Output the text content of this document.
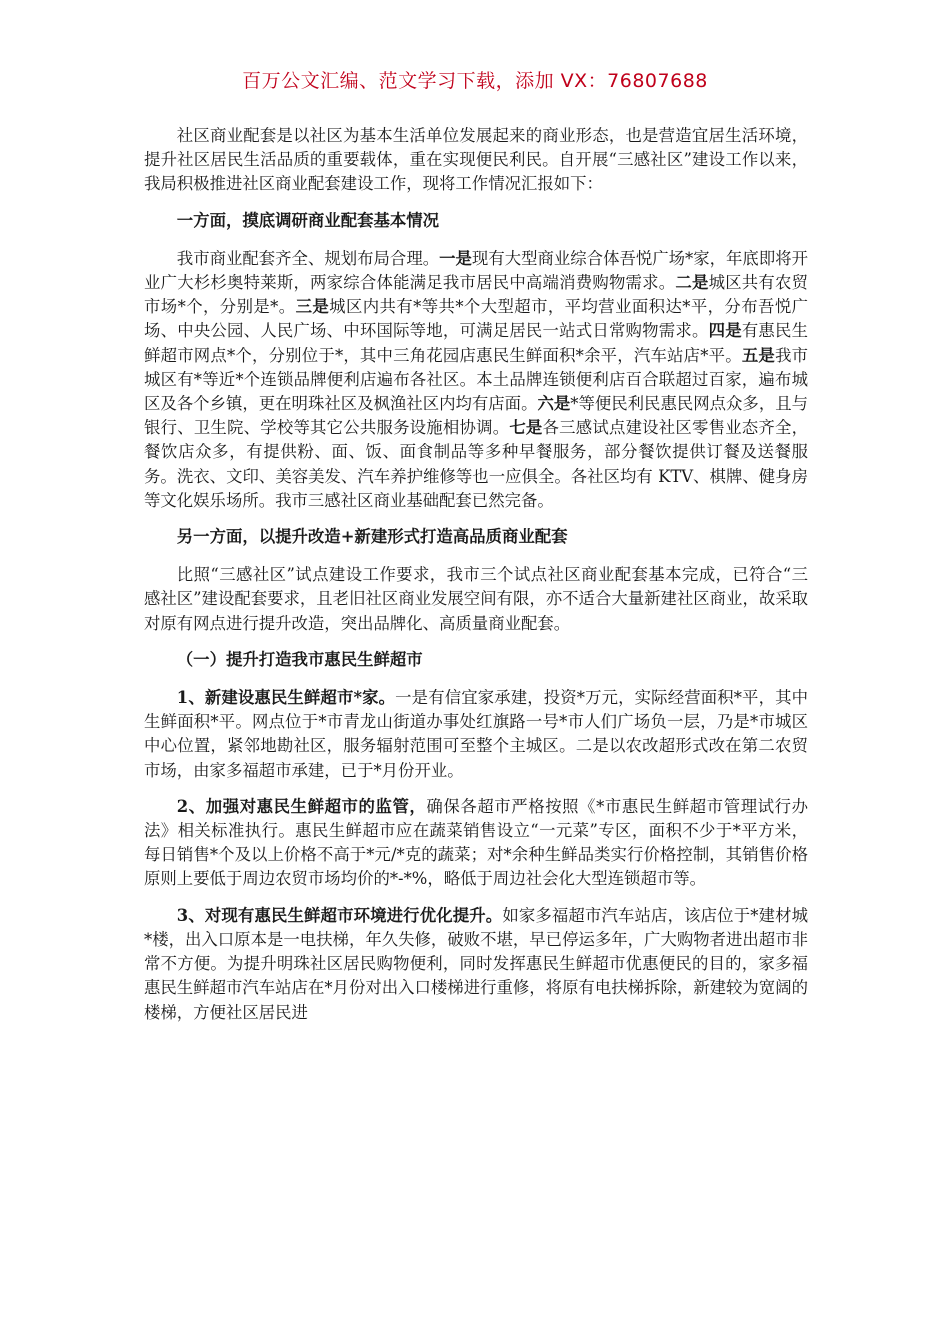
百万公文汇编、范文学习下载，添加 VX：76807688

社区商业配套是以社区为基本生活单位发展起来的商业形态，也是营造宜居生活环境，提升社区居民生活品质的重要载体，重在实现便民利民。自开展“三感社区”建设工作以来，我局积极推进社区商业配套建设工作，现将工作情况汇报如下：

一方面，摸底调研商业配套基本情况

我市商业配套齐全、规划布局合理。一是现有大型商业综合体吾悦广场*家，年底即将开业广大杉杉奥特莱斯，两家综合体能满足我市居民中高端消费购物需求。二是城区共有农贸市场*个，分别是*。三是城区内共有*等共*个大型超市，平均营业面积达*平，分布吾悦广场、中央公园、人民广场、中环国际等地，可满足居民一站式日常购物需求。四是有惠民生鲜超市网点*个，分别位于*，其中三角花园店惠民生鲜面积*余平，汽车站店*平。五是我市城区有*等近*个连锁品牌便利店遍布各社区。本土品牌连锁便利店百合联超过百家，遍布城区及各个乡镇，更在明珠社区及枫渔社区内均有店面。六是*等便民利民惠民网点众多，且与银行、卫生院、学校等其它公共服务设施相协调。七是各三感试点建设社区零售业态齐全，餐饮店众多，有提供粉、面、饭、面食制品等多种早餐服务，部分餐饮提供订餐及送餐服务。洗衣、文印、美容美发、汽车养护维修等也一应俱全。各社区均有 KTV、棋牌、健身房等文化娱乐场所。我市三感社区商业基础配套已然完备。

另一方面，以提升改造+新建形式打造高品质商业配套

比照“三感社区”试点建设工作要求，我市三个试点社区商业配套基本完成，已符合“三感社区”建设配套要求，且老旧社区商业发展空间有限，亦不适合大量新建社区商业，故采取对原有网点进行提升改造，突出品牌化、高质量商业配套。

（一）提升打造我市惠民生鲜超市

1、新建设惠民生鲜超市*家。一是有信宜家承建，投资*万元，实际经营面积*平，其中生鲜面积*平。网点位于*市青龙山街道办事处红旗路一号*市人们广场负一层，乃是*市城区中心位置，紧邻地勘社区，服务辐射范围可至整个主城区。二是以农改超形式改在第二农贸市场，由家多福超市承建，已于*月份开业。

2、加强对惠民生鲜超市的监管，确保各超市严格按照《*市惠民生鲜超市管理试行办法》相关标准执行。惠民生鲜超市应在蔬菜销售设立“一元菜”专区，面积不少于*平方米，每日销售*个及以上价格不高于*元/*克的蔬菜；对*余种生鲜品类实行价格控制，其销售价格原则上要低于周边农贸市场均价的*-*%，略低于周边社会化大型连锁超市等。

3、对现有惠民生鲜超市环境进行优化提升。如家多福超市汽车站店，该店位于*建材城*楼，出入口原本是一电扶梯，年久失修，破败不堪，早已停运多年，广大购物者进出超市非常不方便。为提升明珠社区居民购物便利，同时发挥惠民生鲜超市优惠便民的目的，家多福惠民生鲜超市汽车站店在*月份对出入口楼梯进行重修，将原有电扶梯拆除，新建较为宽阔的楼梯，方便社区居民进
